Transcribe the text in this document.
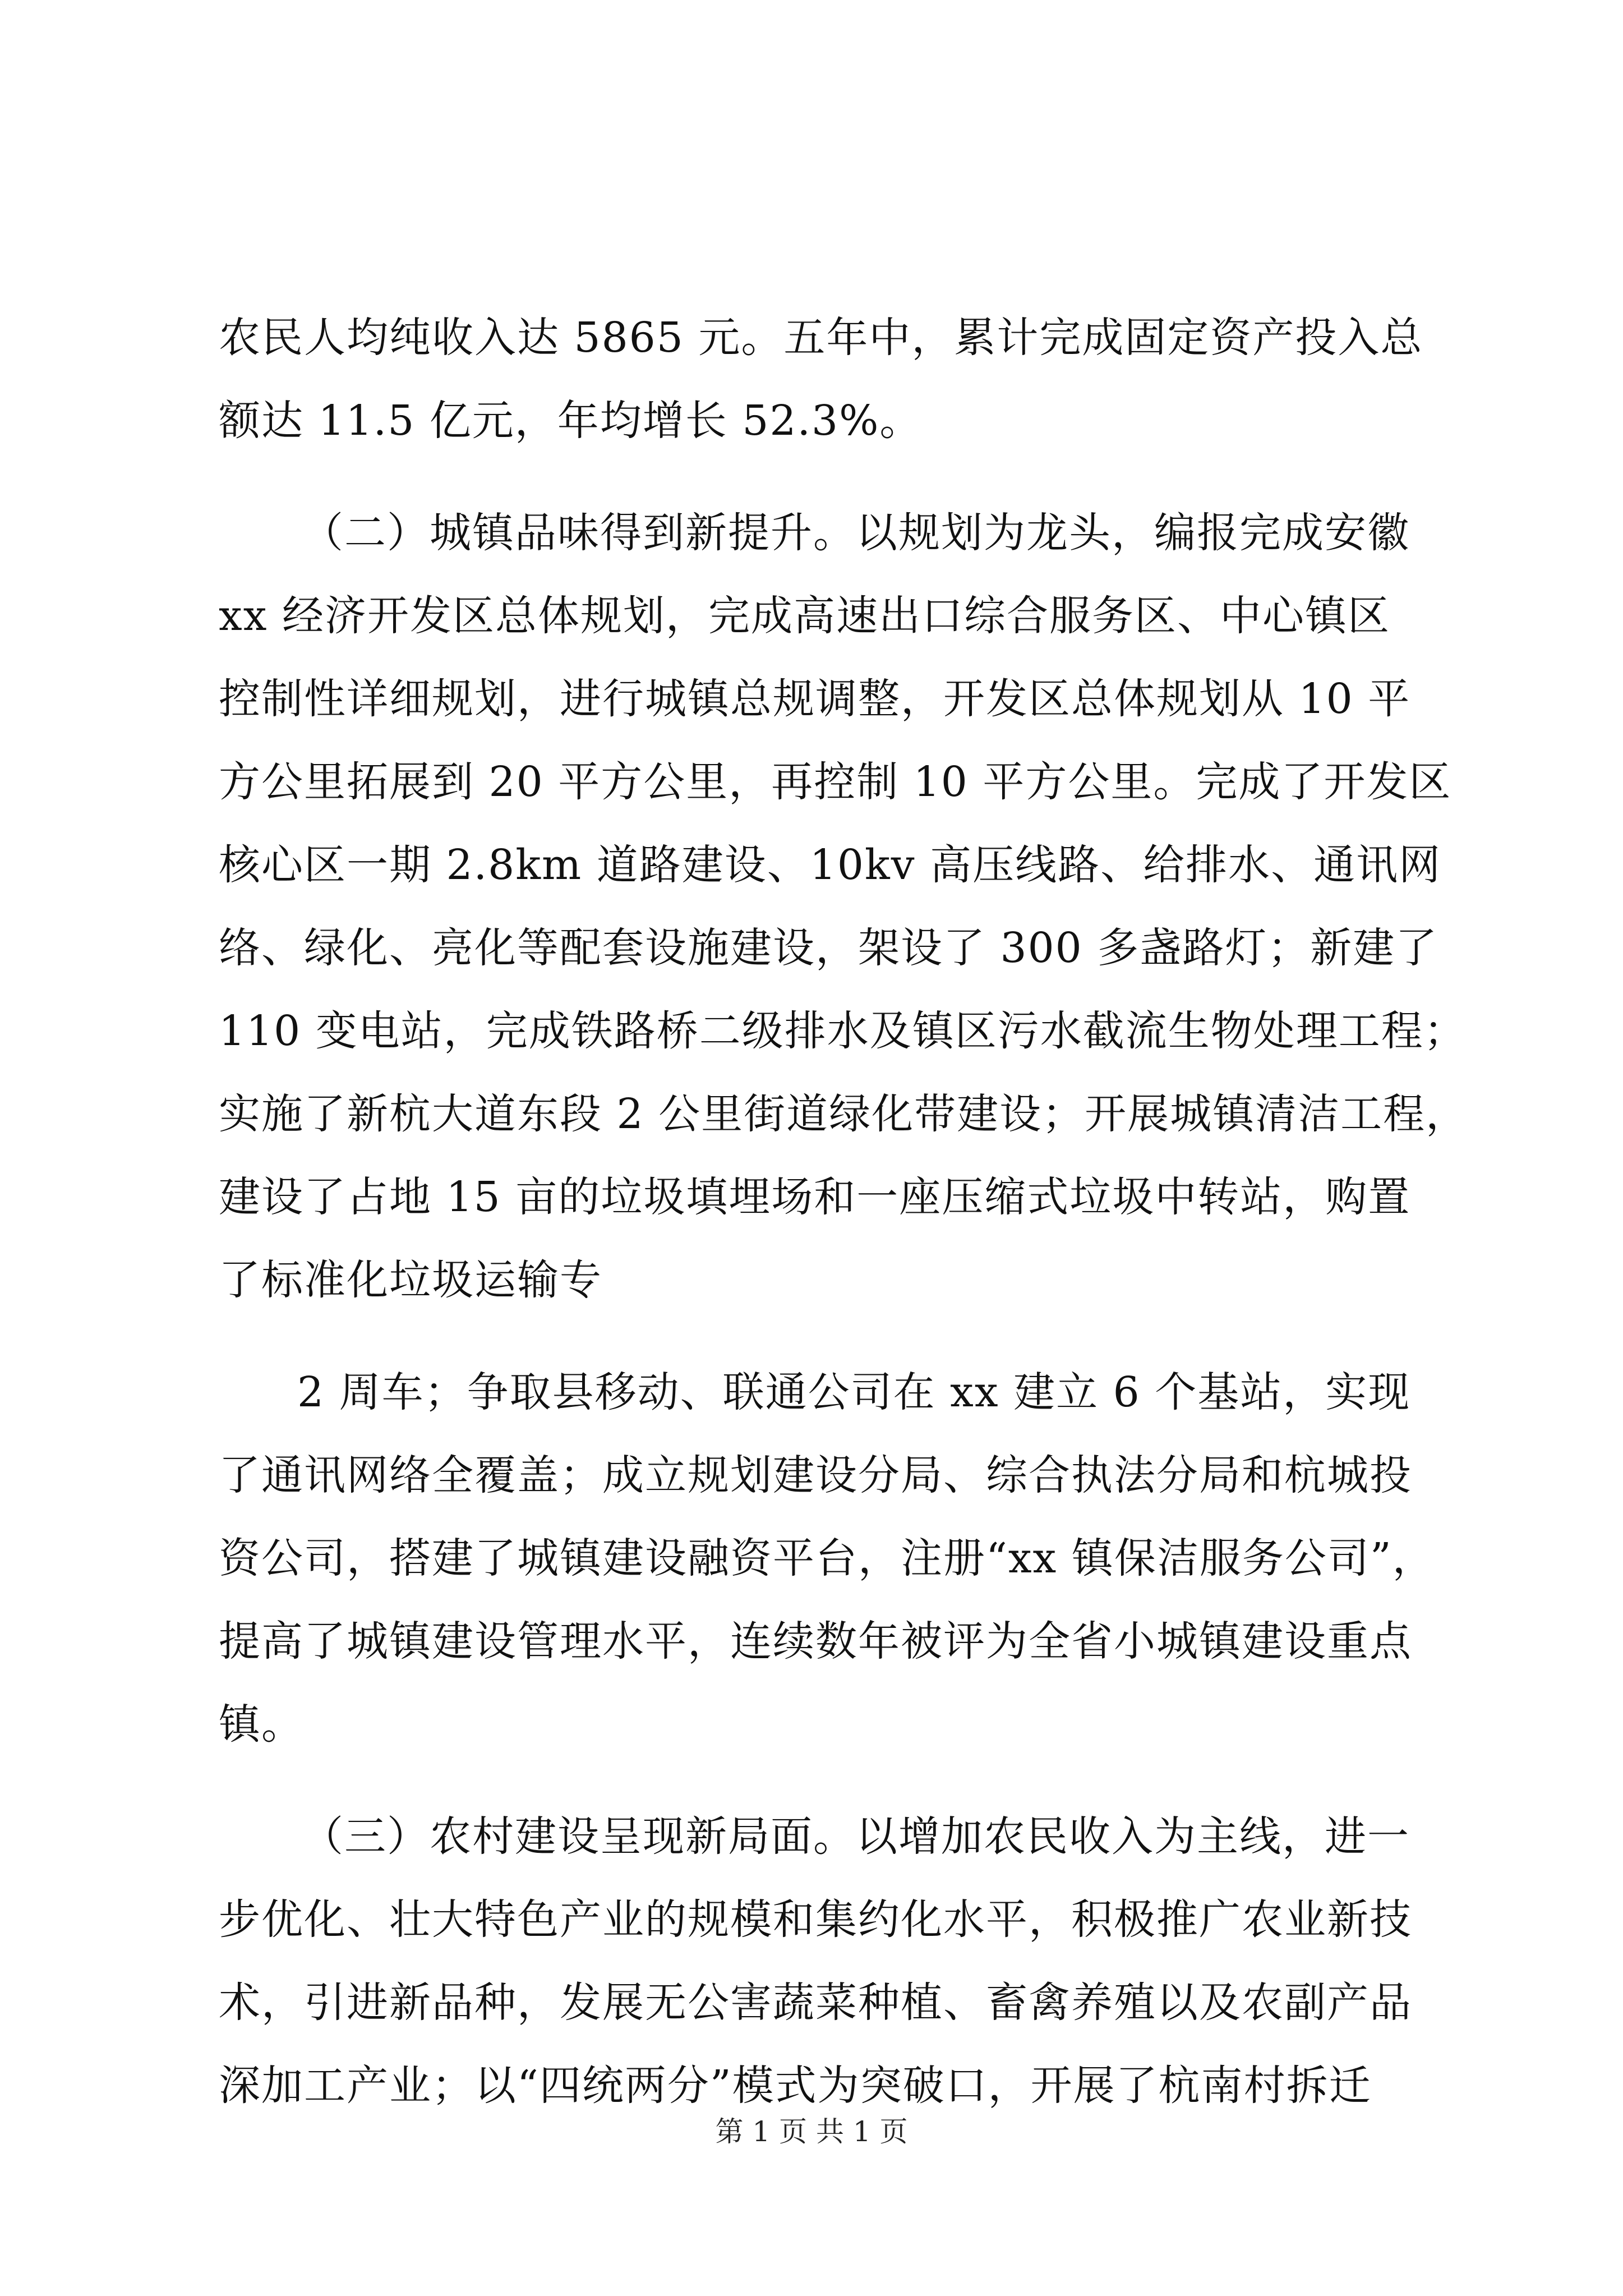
农民人均纯收入达 5865 元。五年中，累计完成固定资产投入总
额达 11.5 亿元，年均增长 52.3%。
（二）城镇品味得到新提升。以规划为龙头，编报完成安徽
xx 经济开发区总体规划，完成高速出口综合服务区、中心镇区
控制性详细规划，进行城镇总规调整，开发区总体规划从 10 平
方公里拓展到 20 平方公里，再控制 10 平方公里。完成了开发区
核心区一期 2.8km 道路建设、10kv 高压线路、给排水、通讯网
络、绿化、亮化等配套设施建设，架设了 300 多盏路灯；新建了
110 变电站，完成铁路桥二级排水及镇区污水截流生物处理工程；
实施了新杭大道东段 2 公里街道绿化带建设；开展城镇清洁工程，
建设了占地 15 亩的垃圾填埋场和一座压缩式垃圾中转站，购置
了标准化垃圾运输专
2 周车；争取县移动、联通公司在 xx 建立 6 个基站，实现
了通讯网络全覆盖；成立规划建设分局、综合执法分局和杭城投
资公司，搭建了城镇建设融资平台，注册“xx 镇保洁服务公司”，
提高了城镇建设管理水平，连续数年被评为全省小城镇建设重点
镇。
（三）农村建设呈现新局面。以增加农民收入为主线，进一
步优化、壮大特色产业的规模和集约化水平，积极推广农业新技
术，引进新品种，发展无公害蔬菜种植、畜禽养殖以及农副产品
深加工产业；以“四统两分”模式为突破口，开展了杭南村拆迁
第 1 页 共 1 页
